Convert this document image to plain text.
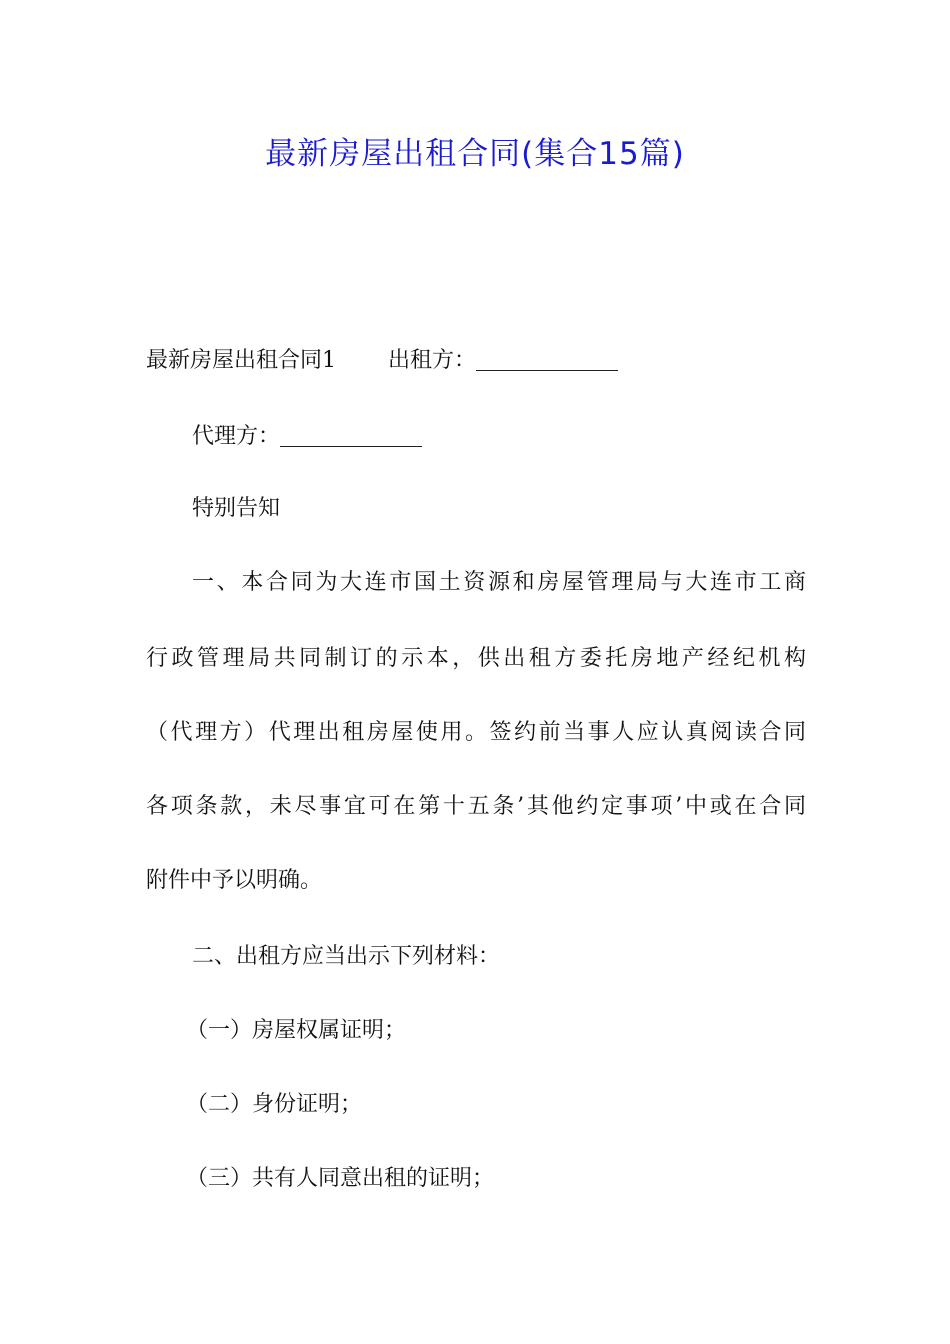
最新房屋出租合同(集合15篇)
最新房屋出租合同1 出租方：
代理方：
特别告知
一、本合同为大连市国土资源和房屋管理局与大连市工商
行政管理局共同制订的示本，供出租方委托房地产经纪机构
（代理方）代理出租房屋使用。签约前当事人应认真阅读合同
各项条款，未尽事宜可在第十五条’其他约定事项’中或在合同
附件中予以明确。
二、出租方应当出示下列材料：
（一）房屋权属证明；
（二）身份证明；
（三）共有人同意出租的证明；
